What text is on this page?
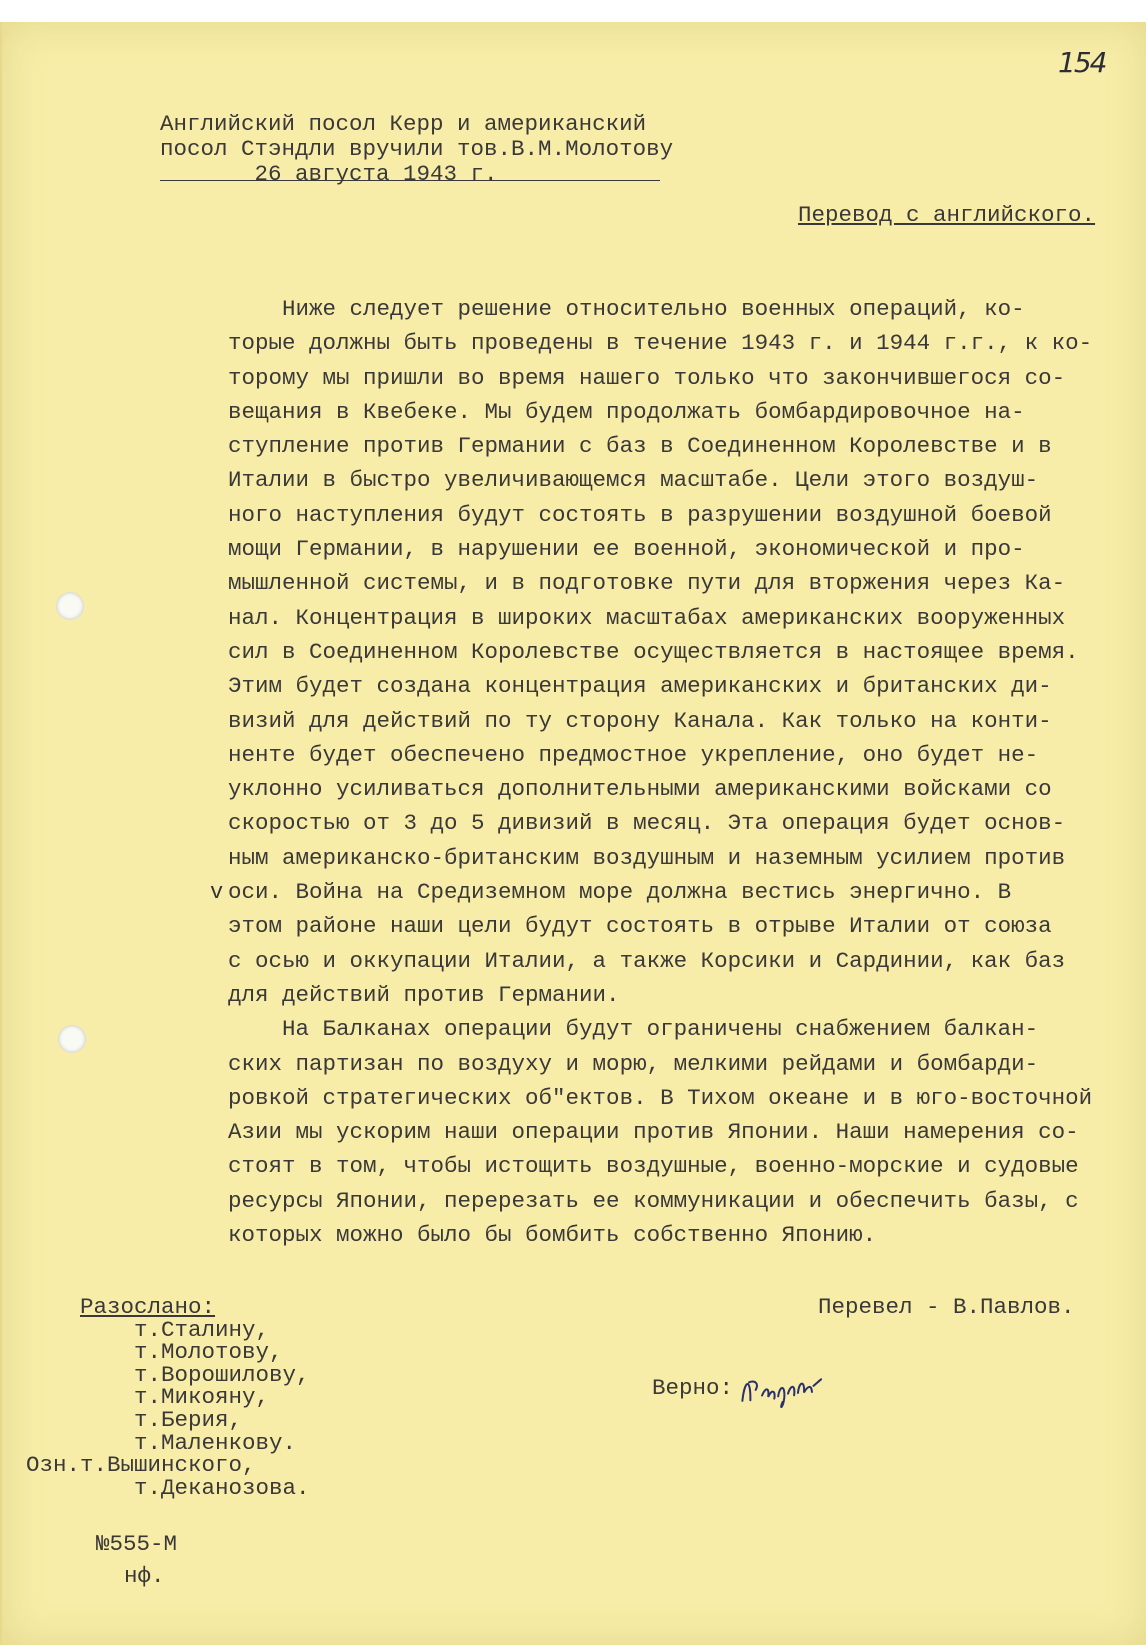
154
Английский посол Керр и американский
посол Стэндли вручили тов.В.М.Молотову
26 августа 1943 г.
Перевод с английского.
v
Ниже следует решение относительно военных операций, ко-
торые должны быть проведены в течение 1943 г. и 1944 г.г., к ко-
торому мы пришли во время нашего только что закончившегося со-
вещания в Квебеке. Мы будем продолжать бомбардировочное на-
ступление против Германии с баз в Соединенном Королевстве и в
Италии в быстро увеличивающемся масштабе. Цели этого воздуш-
ного наступления будут состоять в разрушении воздушной боевой
мощи Германии, в нарушении ее военной, экономической и про-
мышленной системы, и в подготовке пути для вторжения через Ка-
нал. Концентрация в широких масштабах американских вооруженных
сил в Соединенном Королевстве осуществляется в настоящее время.
Этим будет создана концентрация американских и британских ди-
визий для действий по ту сторону Канала. Как только на конти-
ненте будет обеспечено предмостное укрепление, оно будет не-
уклонно усиливаться дополнительными американскими войсками со
скоростью от 3 до 5 дивизий в месяц. Эта операция будет основ-
ным американско-британским воздушным и наземным усилием против
оси. Война на Средиземном море должна вестись энергично. В
этом районе наши цели будут состоять в отрыве Италии от союза
с осью и оккупации Италии, а также Корсики и Сардинии, как баз
для действий против Германии.
На Балканах операции будут ограничены снабжением балкан-
ских партизан по воздуху и морю, мелкими рейдами и бомбарди-
ровкой стратегических об"ектов. В Тихом океане и в юго-восточной
Азии мы ускорим наши операции против Японии. Наши намерения со-
стоят в том, чтобы истощить воздушные, военно-морские и судовые
ресурсы Японии, перерезать ее коммуникации и обеспечить базы, с
которых можно было бы бомбить собственно Японию.
Разослано:
т.Сталину,
т.Молотову,
т.Ворошилову,
т.Микояну,
т.Берия,
т.Маленкову.
Озн.т.Вышинского,
т.Деканозова.
Перевел - В.Павлов.
Верно:
№555-М
нф.
